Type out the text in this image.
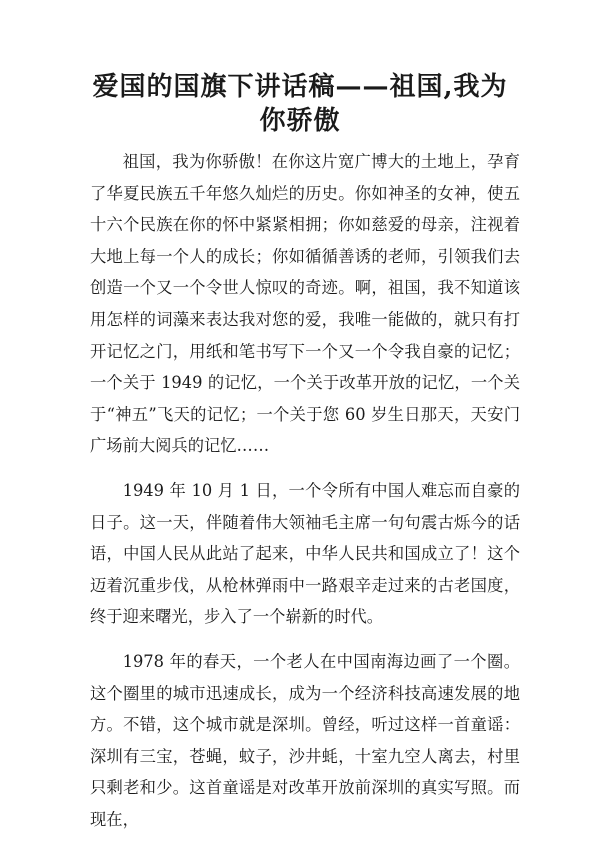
爱国的国旗下讲话稿——祖国,我为你骄傲

祖国，我为你骄傲！在你这片宽广博大的土地上，孕育了华夏民族五千年悠久灿烂的历史。你如神圣的女神，使五十六个民族在你的怀中紧紧相拥；你如慈爱的母亲，注视着大地上每一个人的成长；你如循循善诱的老师，引领我们去创造一个又一个令世人惊叹的奇迹。啊，祖国，我不知道该用怎样的词藻来表达我对您的爱，我唯一能做的，就只有打开记忆之门，用纸和笔书写下一个又一个令我自豪的记忆；一个关于 1949 的记忆，一个关于改革开放的记忆，一个关于“神五”飞天的记忆；一个关于您 60 岁生日那天，天安门广场前大阅兵的记忆……

1949 年 10 月 1 日，一个令所有中国人难忘而自豪的日子。这一天，伴随着伟大领袖毛主席一句句震古烁今的话语，中国人民从此站了起来，中华人民共和国成立了！这个迈着沉重步伐，从枪林弹雨中一路艰辛走过来的古老国度，终于迎来曙光，步入了一个崭新的时代。

1978 年的春天，一个老人在中国南海边画了一个圈。这个圈里的城市迅速成长，成为一个经济科技高速发展的地方。不错，这个城市就是深圳。曾经，听过这样一首童谣：深圳有三宝，苍蝇，蚊子，沙井蚝，十室九空人离去，村里只剩老和少。这首童谣是对改革开放前深圳的真实写照。而现在，
